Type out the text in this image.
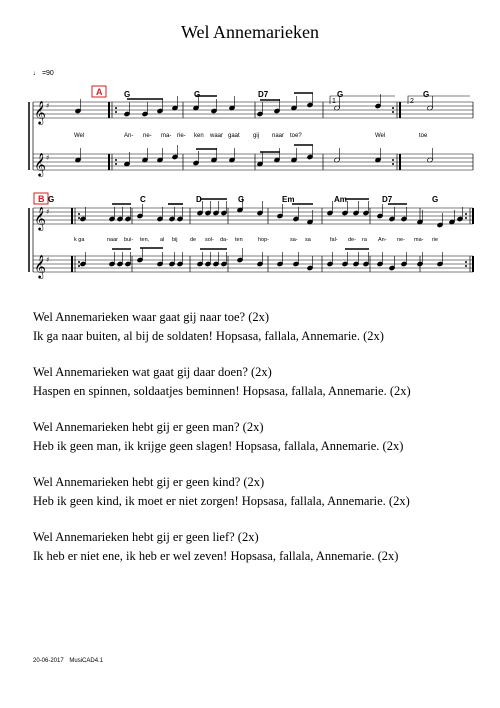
Wel Annemarieken
♩ =90
𝄞 ♯
𝄞 ♯
𝄞 ♯
𝄞 ♯
1	2
A	G	G	D7	G	G
Wel	An- ne- ma- rie- ken waar gaat gij naar toe?	Wel	toe
B G	C	D	G	Em	Am	D7	G
k ga	naar bui- ten, al bij de sol- da- ten	hop-	sa- sa	fal- de- ra An- ne- ma- rie
Wel Annemarieken waar gaat gij naar toe? (2x)
Ik ga naar buiten, al bij de soldaten! Hopsasa, fallala, Annemarie. (2x)
Wel Annemarieken wat gaat gij daar doen? (2x)
Haspen en spinnen, soldaatjes beminnen! Hopsasa, fallala, Annemarie. (2x)
Wel Annemarieken hebt gij er geen man? (2x)
Heb ik geen man, ik krijge geen slagen! Hopsasa, fallala, Annemarie. (2x)
Wel Annemarieken hebt gij er geen kind? (2x)
Heb ik geen kind, ik moet er niet zorgen! Hopsasa, fallala, Annemarie. (2x)
Wel Annemarieken hebt gij er geen lief? (2x)
Ik heb er niet ene, ik heb er wel zeven! Hopsasa, fallala, Annemarie. (2x)
20-06-2017 MusiCAD4.1
